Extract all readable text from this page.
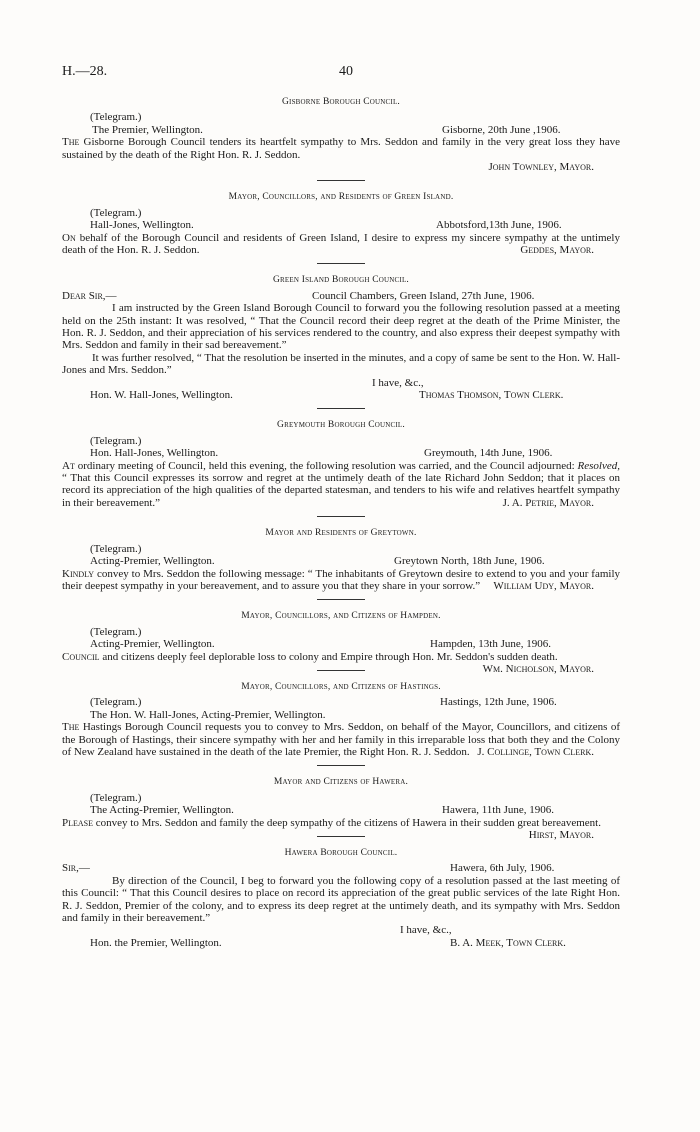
H.—28.	40
Gisborne Borough Council.
(Telegram.)
The Premier, Wellington.	Gisborne, 20th June ,1906.
The Gisborne Borough Council tenders its heartfelt sympathy to Mrs. Seddon and family in the very great loss they have sustained by the death of the Right Hon. R. J. Seddon.
John Townley, Mayor.
Mayor, Councillors, and Residents of Green Island.
(Telegram.)
Hall-Jones, Wellington.	Abbotsford,13th June, 1906.
On behalf of the Borough Council and residents of Green Island, I desire to express my sincere sympathy at the untimely death of the Hon. R. J. Seddon.	Geddes, Mayor.
Green Island Borough Council.
Dear Sir,—	Council Chambers, Green Island, 27th June, 1906.
I am instructed by the Green Island Borough Council to forward you the following resolution passed at a meeting held on the 25th instant: It was resolved, “ That the Council record their deep regret at the death of the Prime Minister, the Hon. R. J. Seddon, and their appreciation of his services rendered to the country, and also express their deepest sympathy with Mrs. Seddon and family in their sad bereavement.”
It was further resolved, “ That the resolution be inserted in the minutes, and a copy of same be sent to the Hon. W. Hall-Jones and Mrs. Seddon.”
I have, &c.,
Hon. W. Hall-Jones, Wellington.	Thomas Thomson, Town Clerk.
Greymouth Borough Council.
(Telegram.)
Hon. Hall-Jones, Wellington.	Greymouth, 14th June, 1906.
At ordinary meeting of Council, held this evening, the following resolution was carried, and the Council adjourned: Resolved, “ That this Council expresses its sorrow and regret at the untimely death of the late Richard John Seddon; that it places on record its appreciation of the high qualities of the departed statesman, and tenders to his wife and relatives heartfelt sympathy in their bereavement.”	J. A. Petrie, Mayor.
Mayor and Residents of Greytown.
(Telegram.)
Acting-Premier, Wellington.	Greytown North, 18th June, 1906.
Kindly convey to Mrs. Seddon the following message: “ The inhabitants of Greytown desire to extend to you and your family their deepest sympathy in your bereavement, and to assure you that they share in your sorrow.” William Udy, Mayor.
Mayor, Councillors, and Citizens of Hampden.
(Telegram.)
Acting-Premier, Wellington.	Hampden, 13th June, 1906.
Council and citizens deeply feel deplorable loss to colony and Empire through Hon. Mr. Seddon's sudden death.
Wm. Nicholson, Mayor.
Mayor, Councillors, and Citizens of Hastings.
(Telegram.)	Hastings, 12th June, 1906.
The Hon. W. Hall-Jones, Acting-Premier, Wellington.
The Hastings Borough Council requests you to convey to Mrs. Seddon, on behalf of the Mayor, Councillors, and citizens of the Borough of Hastings, their sincere sympathy with her and her family in this irreparable loss that both they and the Colony of New Zealand have sustained in the death of the late Premier, the Right Hon. R. J. Seddon. J. Collinge, Town Clerk.
Mayor and Citizens of Hawera.
(Telegram.)
The Acting-Premier, Wellington.	Hawera, 11th June, 1906.
Please convey to Mrs. Seddon and family the deep sympathy of the citizens of Hawera in their sudden great bereavement.
Hirst, Mayor.
Hawera Borough Council.
Sir,—	Hawera, 6th July, 1906.
By direction of the Council, I beg to forward you the following copy of a resolution passed at the last meeting of this Council: “ That this Council desires to place on record its appreciation of the great public services of the late Right Hon. R. J. Seddon, Premier of the colony, and to express its deep regret at the untimely death, and its sympathy with Mrs. Seddon and family in their bereavement.”
I have, &c.,
Hon. the Premier, Wellington.	B. A. Meek, Town Clerk.
